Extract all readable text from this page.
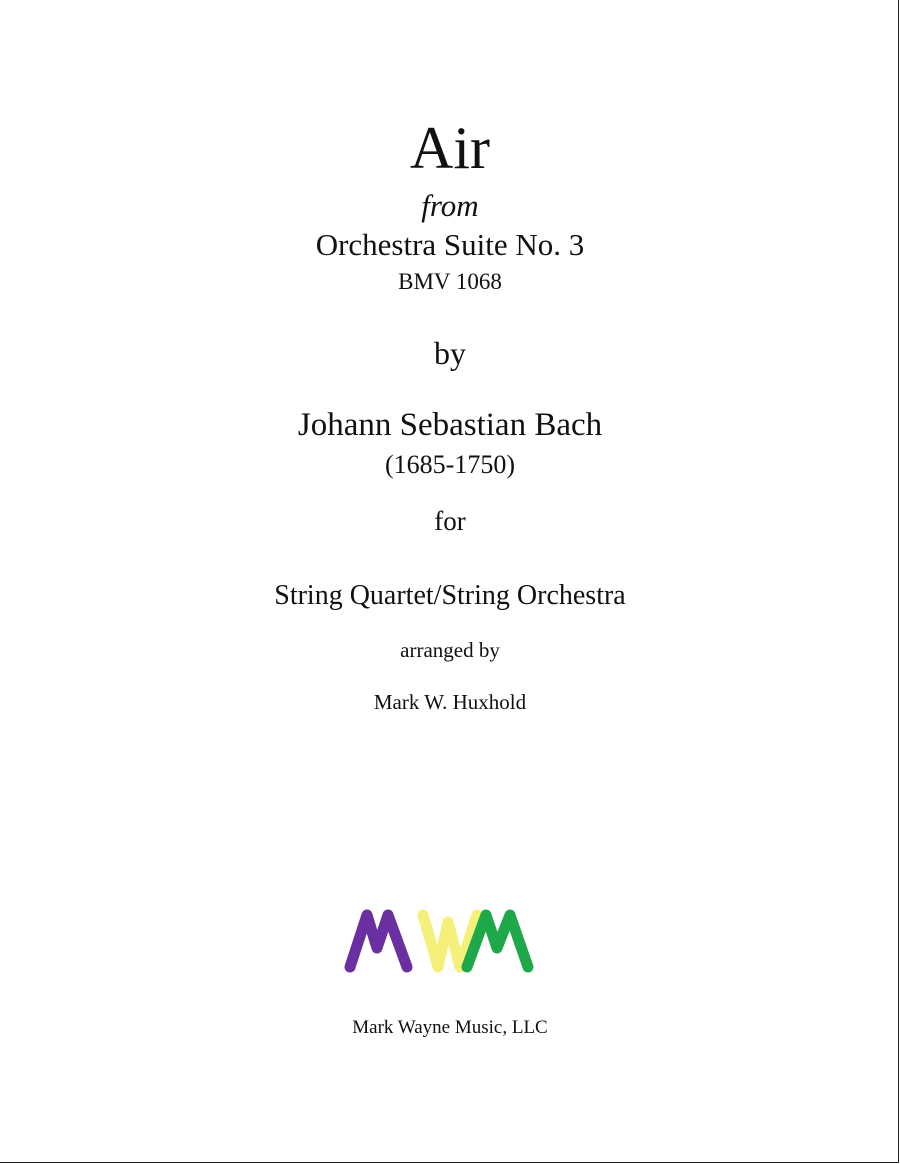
Air
from
Orchestra Suite No. 3
BMV 1068
by
Johann Sebastian Bach
(1685-1750)
for
String Quartet/String Orchestra
arranged by
Mark W. Huxhold
Mark Wayne Music, LLC
